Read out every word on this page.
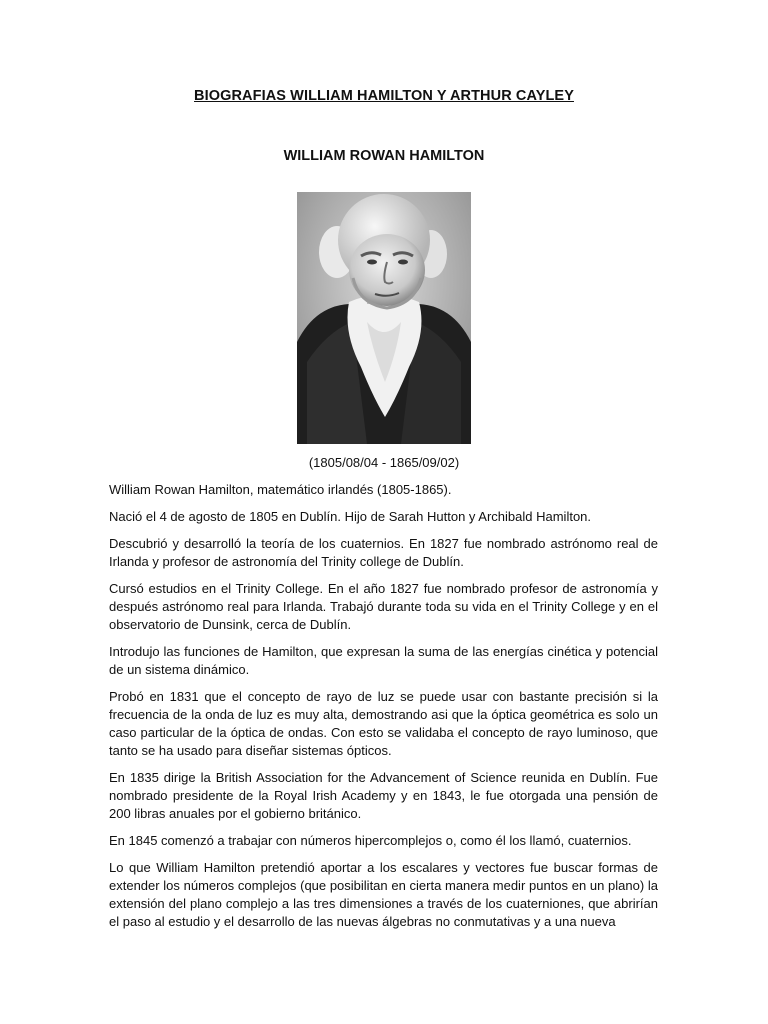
BIOGRAFIAS WILLIAM HAMILTON Y ARTHUR CAYLEY
WILLIAM ROWAN HAMILTON
(1805/08/04 - 1865/09/02)

William Rowan Hamilton, matemático irlandés (1805-1865).

Nació el 4 de agosto de 1805 en Dublín. Hijo de Sarah Hutton y Archibald Hamilton.

Descubrió y desarrolló la teoría de los cuaternios. En 1827 fue nombrado astrónomo real de Irlanda y profesor de astronomía del Trinity college de Dublín.

Cursó estudios en el Trinity College. En el año 1827 fue nombrado profesor de astronomía y después astrónomo real para Irlanda. Trabajó durante toda su vida en el Trinity College y en el observatorio de Dunsink, cerca de Dublín.

Introdujo las funciones de Hamilton, que expresan la suma de las energías cinética y potencial de un sistema dinámico.

Probó en 1831 que el concepto de rayo de luz se puede usar con bastante precisión si la frecuencia de la onda de luz es muy alta, demostrando asi que la óptica geométrica es solo un caso particular de la óptica de ondas. Con esto se validaba el concepto de rayo luminoso, que tanto se ha usado para diseñar sistemas ópticos.

En 1835 dirige la British Association for the Advancement of Science reunida en Dublín. Fue nombrado presidente de la Royal Irish Academy y en 1843, le fue otorgada una pensión de 200 libras anuales por el gobierno británico.

En 1845 comenzó a trabajar con números hipercomplejos o, como él los llamó, cuaternios.

Lo que William Hamilton pretendió aportar a los escalares y vectores fue buscar formas de extender los números complejos (que posibilitan en cierta manera medir puntos en un plano) la extensión del plano complejo a las tres dimensiones a través de los cuaterniones, que abrirían el paso al estudio y el desarrollo de las nuevas álgebras no conmutativas y a una nueva
